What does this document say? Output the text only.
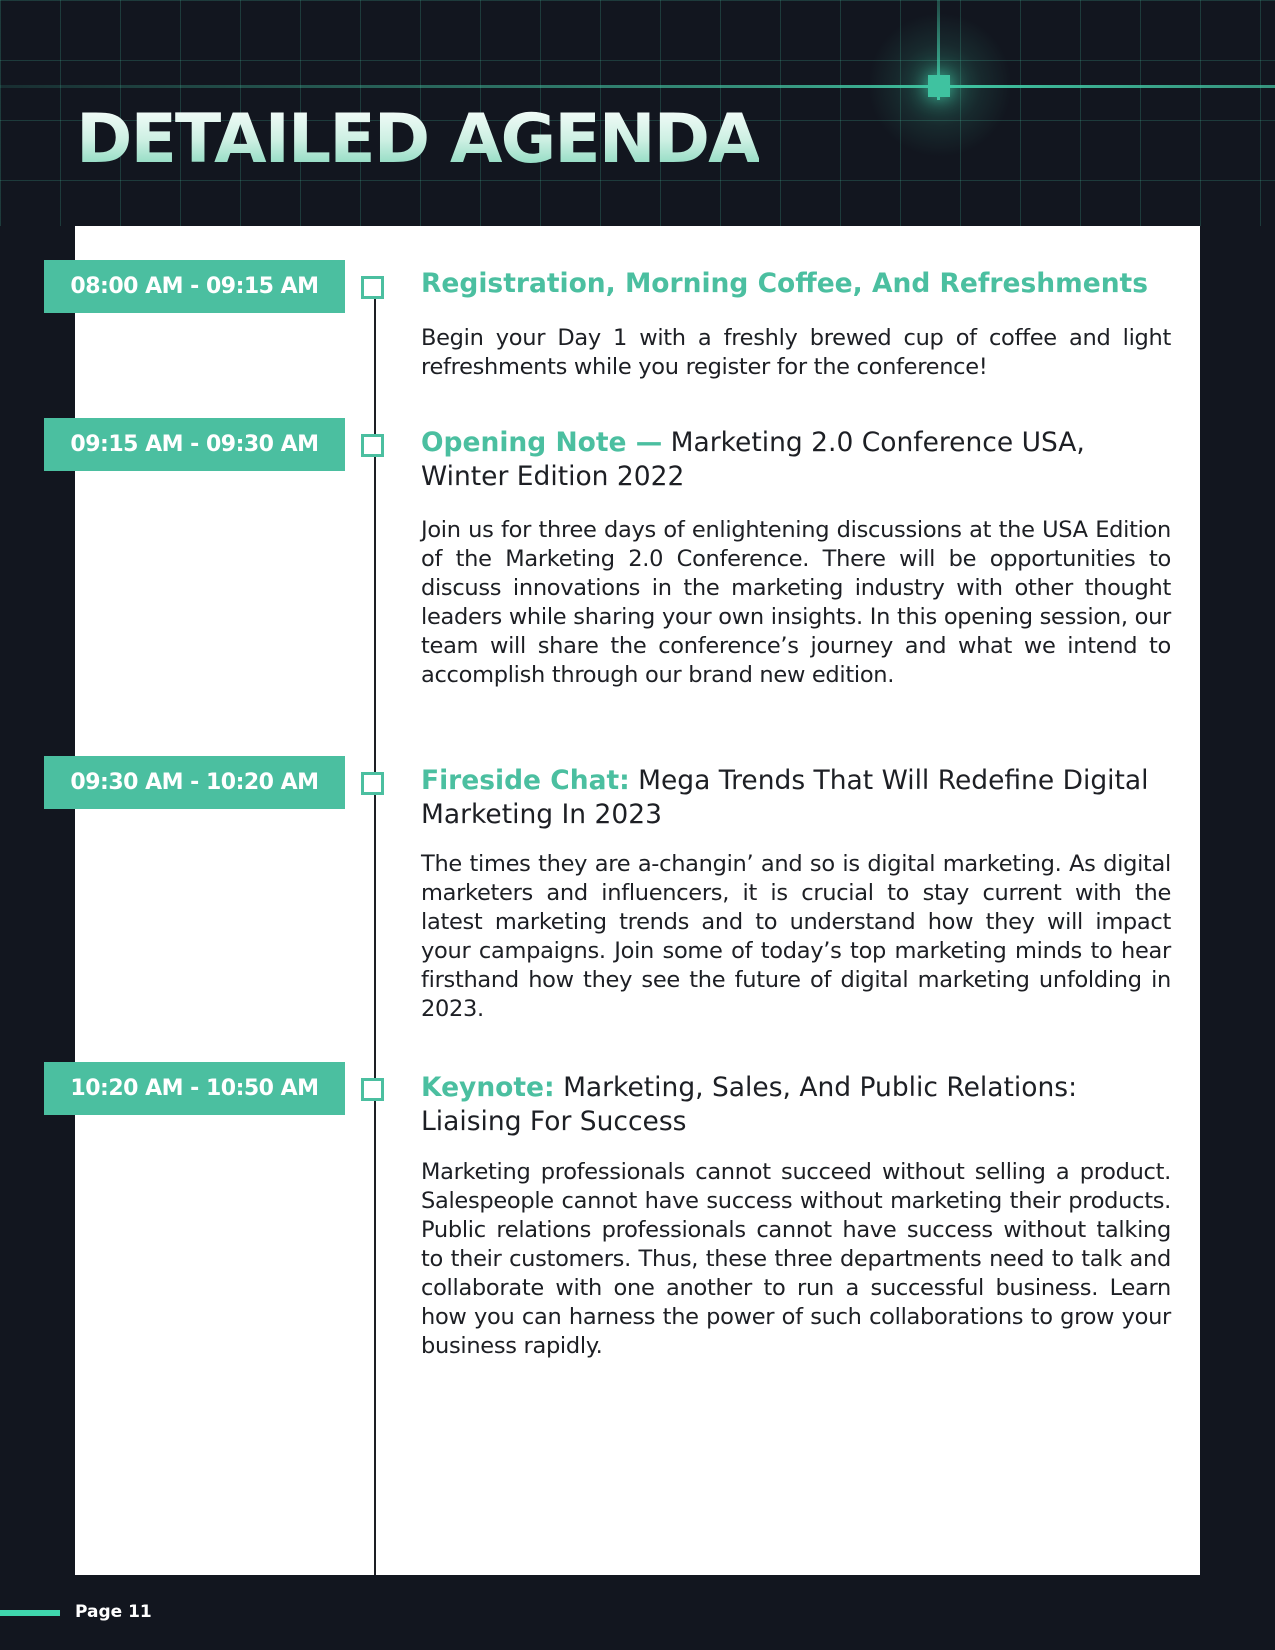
DETAILED AGENDA
08:00 AM - 09:15 AM	Registration, Morning Coffee, And Refreshments

Begin your Day 1 with a freshly brewed cup of coffee and light refreshments while you register for the conference!

09:15 AM - 09:30 AM	Opening Note — Marketing 2.0 Conference USA, Winter Edition 2022

Join us for three days of enlightening discussions at the USA Edition of the Marketing 2.0 Conference. There will be opportunities to discuss innovations in the marketing industry with other thought leaders while sharing your own insights. In this opening session, our team will share the conference’s journey and what we intend to accomplish through our brand new edition.

09:30 AM - 10:20 AM	Fireside Chat: Mega Trends That Will Redefine Digital Marketing In 2023

The times they are a-changin’ and so is digital marketing. As digital marketers and influencers, it is crucial to stay current with the latest marketing trends and to understand how they will impact your campaigns. Join some of today’s top marketing minds to hear firsthand how they see the future of digital marketing unfolding in 2023.

10:20 AM - 10:50 AM	Keynote: Marketing, Sales, And Public Relations: Liaising For Success

Marketing professionals cannot succeed without selling a product. Salespeople cannot have success without marketing their products. Public relations professionals cannot have success without talking to their customers. Thus, these three departments need to talk and collaborate with one another to run a successful business. Learn how you can harness the power of such collaborations to grow your business rapidly.

Page 11
